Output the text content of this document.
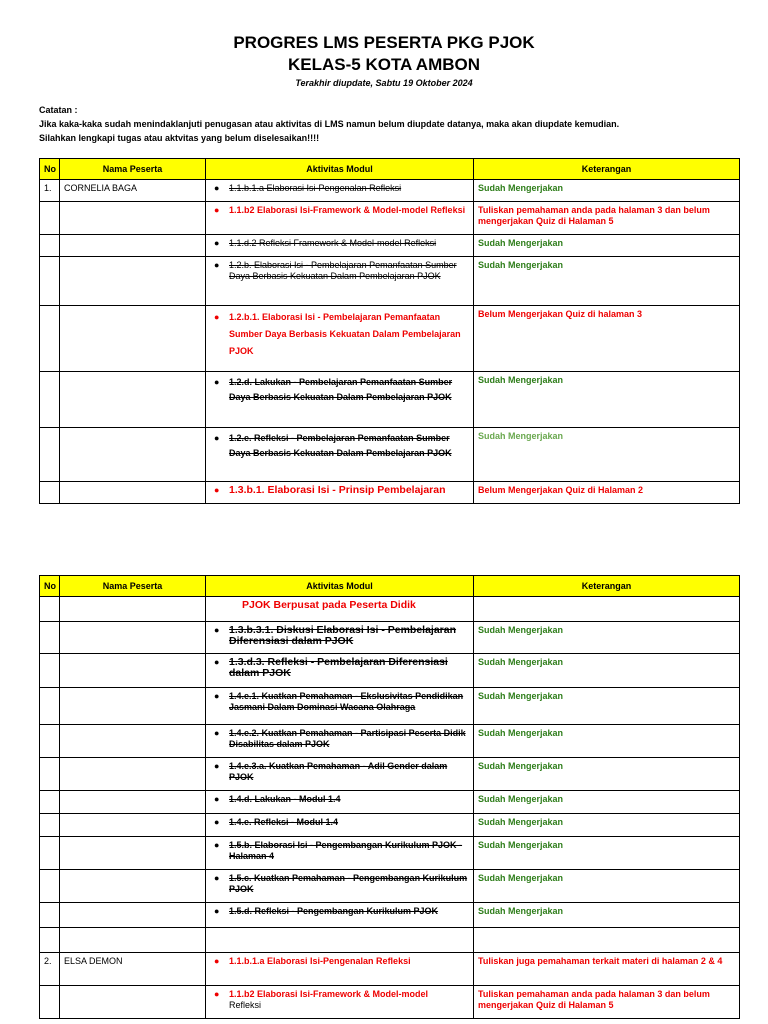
PROGRES LMS PESERTA PKG PJOK
KELAS-5 KOTA AMBON
Terakhir diupdate, Sabtu 19 Oktober 2024
Catatan :
Jika kaka-kaka sudah menindaklanjuti penugasan atau aktivitas di LMS namun belum diupdate datanya, maka akan diupdate kemudian.
Silahkan lengkapi tugas atau aktvitas yang belum diselesaikan!!!!
No	Nama Peserta	Aktivitas Modul	Keterangan
1.	CORNELIA BAGA	● 1.1.b.1.a Elaborasi Isi-Pengenalan Refleksi	Sudah Mengerjakan

		● 1.1.b2 Elaborasi Isi-Framework & Model-model Refleksi	Tuliskan pemahaman anda pada halaman 3 dan belum mengerjakan Quiz di Halaman 5

		● 1.1.d.2 Refleksi Framework & Model-model Refleksi	Sudah Mengerjakan

		● 1.2.b. Elaborasi Isi - Pembelajaran Pemanfaatan Sumber Daya Berbasis Kekuatan Dalam Pembelajaran PJOK	Sudah Mengerjakan

		● 1.2.b.1. Elaborasi Isi - Pembelajaran Pemanfaatan Sumber Daya Berbasis Kekuatan Dalam Pembelajaran PJOK	Belum Mengerjakan Quiz di halaman 3

		● 1.2.d. Lakukan - Pembelajaran Pemanfaatan Sumber Daya Berbasis Kekuatan Dalam Pembelajaran PJOK	Sudah Mengerjakan

		● 1.2.e. Refleksi - Pembelajaran Pemanfaatan Sumber Daya Berbasis Kekuatan Dalam Pembelajaran PJOK	Sudah Mengerjakan

		● 1.3.b.1. Elaborasi Isi - Prinsip Pembelajaran	Belum Mengerjakan Quiz di Halaman 2
No	Nama Peserta	Aktivitas Modul	Keterangan

		PJOK Berpusat pada Peserta Didik	

		● 1.3.b.3.1. Diskusi Elaborasi Isi - Pembelajaran Diferensiasi dalam PJOK	Sudah Mengerjakan

		● 1.3.d.3. Refleksi - Pembelajaran Diferensiasi dalam PJOK	Sudah Mengerjakan

		● 1.4.e.1. Kuatkan Pemahaman - Ekslusivitas Pendidikan Jasmani Dalam Dominasi Wacana Olahraga	Sudah Mengerjakan

		● 1.4.e.2. Kuatkan Pemahaman - Partisipasi Peserta Didik Disabilitas dalam PJOK	Sudah Mengerjakan

		● 1.4.e.3.a. Kuatkan Pemahaman - Adil Gender dalam PJOK	Sudah Mengerjakan

		● 1.4.d. Lakukan - Modul 1.4	Sudah Mengerjakan

		● 1.4.e. Refleksi - Modul 1.4	Sudah Mengerjakan

		● 1.5.b. Elaborasi Isi - Pengembangan Kurikulum PJOK - Halaman 4	Sudah Mengerjakan

		● 1.5.c. Kuatkan Pemahaman - Pengembangan Kurikulum PJOK	Sudah Mengerjakan

		● 1.5.d. Refleksi - Pengembangan Kurikulum PJOK	Sudah Mengerjakan

2.	ELSA DEMON	● 1.1.b.1.a Elaborasi Isi-Pengenalan Refleksi	Tuliskan juga pemahaman terkait materi di halaman 2 & 4

		● 1.1.b2 Elaborasi Isi-Framework & Model-model
Refleksi	Tuliskan pemahaman anda pada halaman 3 dan belum mengerjakan Quiz di Halaman 5
